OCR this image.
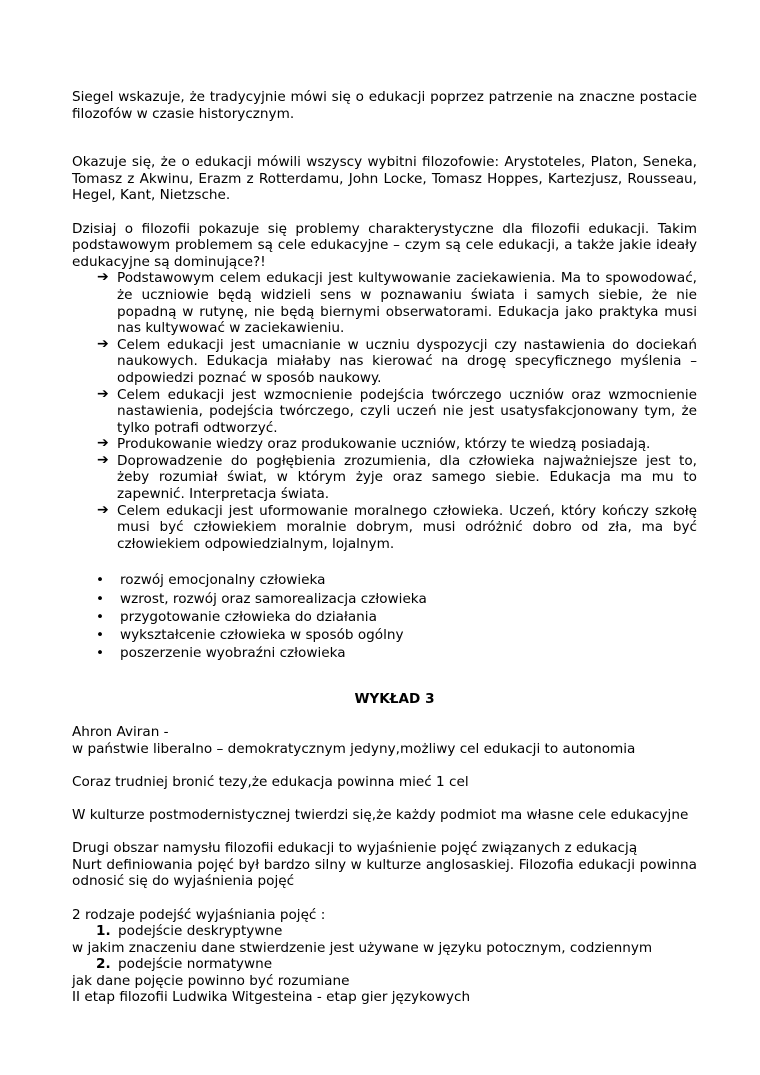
Siegel wskazuje, że tradycyjnie mówi się o edukacji poprzez patrzenie na znaczne postacie filozofów w czasie historycznym.

Okazuje się, że o edukacji mówili wszyscy wybitni filozofowie: Arystoteles, Platon, Seneka, Tomasz z Akwinu, Erazm z Rotterdamu, John Locke, Tomasz Hoppes, Kartezjusz, Rousseau, Hegel, Kant, Nietzsche.

Dzisiaj o filozofii pokazuje się problemy charakterystyczne dla filozofii edukacji. Takim podstawowym problemem są cele edukacyjne – czym są cele edukacji, a także jakie ideały edukacyjne są dominujące?!

➔ Podstawowym celem edukacji jest kultywowanie zaciekawienia. Ma to spowodować, że uczniowie będą widzieli sens w poznawaniu świata i samych siebie, że nie popadną w rutynę, nie będą biernymi obserwatorami. Edukacja jako praktyka musi nas kultywować w zaciekawieniu.
➔ Celem edukacji jest umacnianie w uczniu dyspozycji czy nastawienia do dociekań naukowych. Edukacja miałaby nas kierować na drogę specyficznego myślenia – odpowiedzi poznać w sposób naukowy.
➔ Celem edukacji jest wzmocnienie podejścia twórczego uczniów oraz wzmocnienie nastawienia, podejścia twórczego, czyli uczeń nie jest usatysfakcjonowany tym, że tylko potrafi odtworzyć.
➔ Produkowanie wiedzy oraz produkowanie uczniów, którzy te wiedzą posiadają.
➔ Doprowadzenie do pogłębienia zrozumienia, dla człowieka najważniejsze jest to, żeby rozumiał świat, w którym żyje oraz samego siebie. Edukacja ma mu to zapewnić. Interpretacja świata.
➔ Celem edukacji jest uformowanie moralnego człowieka. Uczeń, który kończy szkołę musi być człowiekiem moralnie dobrym, musi odróżnić dobro od zła, ma być człowiekiem odpowiedzialnym, lojalnym.
• rozwój emocjonalny człowieka
• wzrost, rozwój oraz samorealizacja człowieka
• przygotowanie człowieka do działania
• wykształcenie człowieka w sposób ogólny
• poszerzenie wyobraźni człowieka
WYKŁAD 3

Ahron Aviran -

w państwie liberalno – demokratycznym jedyny,możliwy cel edukacji to autonomia

Coraz trudniej bronić tezy,że edukacja powinna mieć 1 cel

W kulturze postmodernistycznej twierdzi się,że każdy podmiot ma własne cele edukacyjne

Drugi obszar namysłu filozofii edukacji to wyjaśnienie pojęć związanych z edukacją

Nurt definiowania pojęć był bardzo silny w kulturze anglosaskiej. Filozofia edukacji powinna odnosić się do wyjaśnienia pojęć

2 rodzaje podejść wyjaśniania pojęć :

1. podejście deskryptywne

w jakim znaczeniu dane stwierdzenie jest używane w języku potocznym, codziennym

2. podejście normatywne

jak dane pojęcie powinno być rozumiane

II etap filozofii Ludwika Witgesteina - etap gier językowych
